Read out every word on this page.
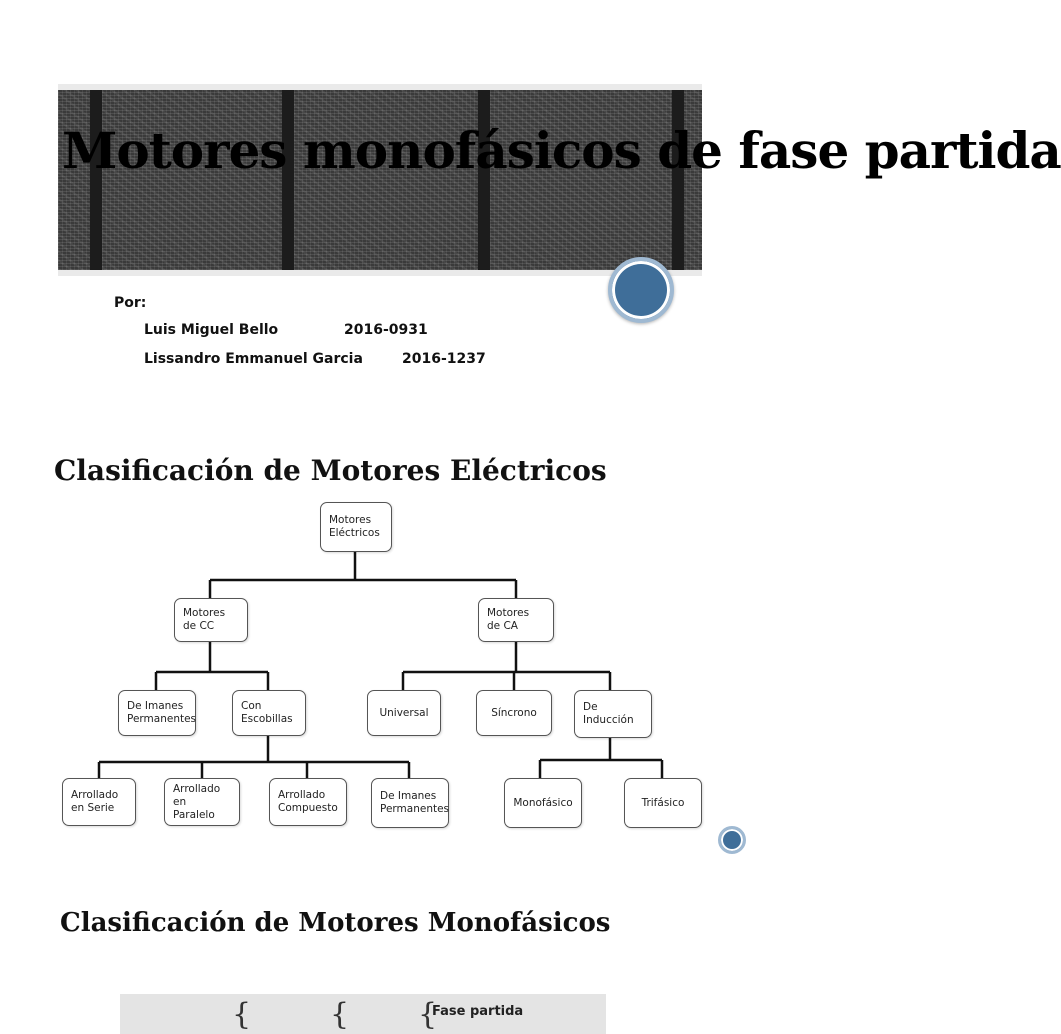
Motores monofásicos de fase partida
Por:
Luis Miguel Bello	2016-0931
Lissandro Emmanuel Garcia	2016-1237
Clasificación de Motores Eléctricos
Motores
Eléctricos
Motores
de CC
Motores
de CA
De Imanes
Permanentes
Con
Escobillas
Universal	Síncrono	De
Inducción
Arrollado
en Serie
Arrollado
en Paralelo
Arrollado
Compuesto
De Imanes
Permanentes
Monofásico	Trifásico
Clasificación de Motores Monofásicos
{	{ {
Fase partida
